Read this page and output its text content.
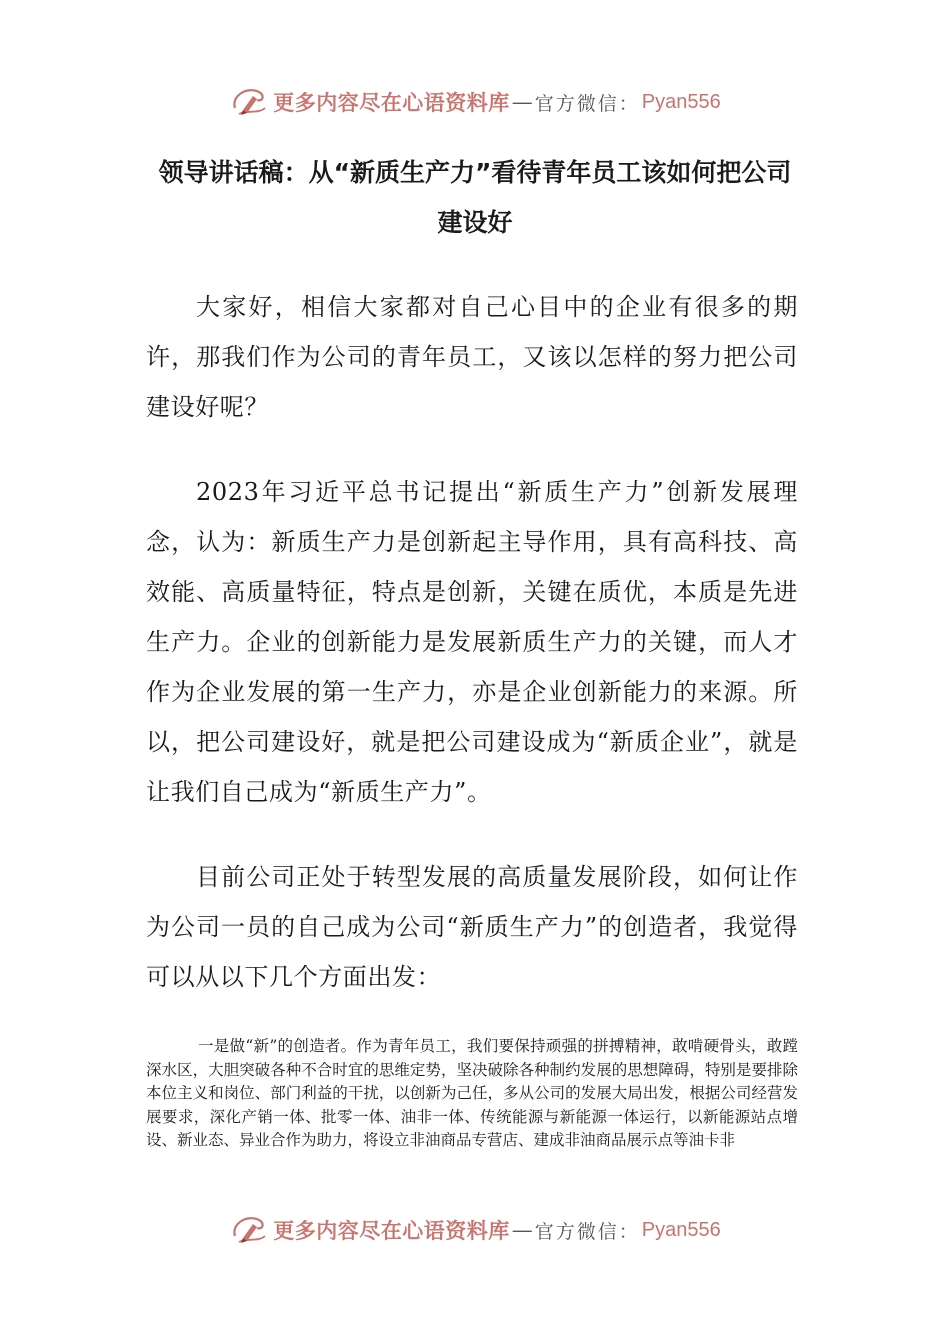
更多内容尽在心语资料库 — 官方微信： Pyan556
领导讲话稿：从“新质生产力”看待青年员工该如何把公司建设好

大家好，相信大家都对自己心目中的企业有很多的期许，那我们作为公司的青年员工，又该以怎样的努力把公司建设好呢？

2023年习近平总书记提出“新质生产力”创新发展理念，认为：新质生产力是创新起主导作用，具有高科技、高效能、高质量特征，特点是创新，关键在质优，本质是先进生产力。企业的创新能力是发展新质生产力的关键，而人才作为企业发展的第一生产力，亦是企业创新能力的来源。所以，把公司建设好，就是把公司建设成为“新质企业”，就是让我们自己成为“新质生产力”。

目前公司正处于转型发展的高质量发展阶段，如何让作为公司一员的自己成为公司“新质生产力”的创造者，我觉得可以从以下几个方面出发：

一是做“新”的创造者。作为青年员工，我们要保持顽强的拼搏精神，敢啃硬骨头，敢蹚深水区，大胆突破各种不合时宜的思维定势，坚决破除各种制约发展的思想障碍，特别是要排除本位主义和岗位、部门利益的干扰，以创新为己任，多从公司的发展大局出发，根据公司经营发展要求，深化产销一体、批零一体、油非一体、传统能源与新能源一体运行，以新能源站点增设、新业态、异业合作为助力，将设立非油商品专营店、建成非油商品展示点等油卡非

更多内容尽在心语资料库 — 官方微信： Pyan556
